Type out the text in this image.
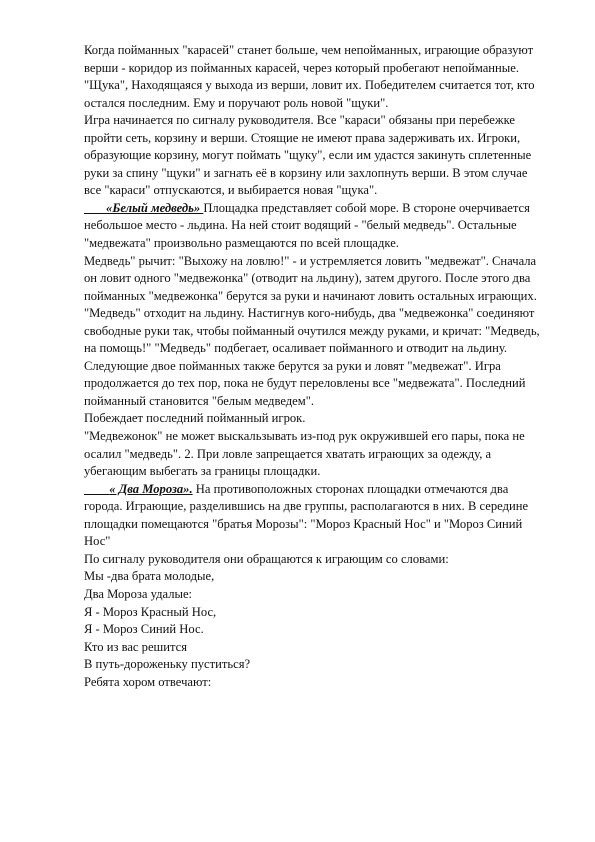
Когда пойманных "карасей" станет больше, чем непойманных, играющие образуют верши - коридор из пойманных карасей, через который пробегают непойманные. "Щука", Находящаяся у выхода из верши, ловит их. Победителем считается тот, кто остался последним. Ему и поручают роль новой "щуки".

Игра начинается по сигналу руководителя. Все "караси" обязаны при перебежке пройти сеть, корзину и верши. Стоящие не имеют права задерживать их. Игроки, образующие корзину, могут поймать "щуку", если им удастся закинуть сплетенные руки за спину "щуки" и загнать её в корзину или захлопнуть верши. В этом случае все "караси" отпускаются, и выбирается новая "щука".

«Белый медведь» Площадка представляет собой море. В стороне очерчивается небольшое место - льдина. На ней стоит водящий - "белый медведь". Остальные "медвежата" произвольно размещаются по всей площадке.

Медведь" рычит: "Выхожу на ловлю!" - и устремляется ловить "медвежат". Сначала он ловит одного "медвежонка" (отводит на льдину), затем другого. После этого два пойманных "медвежонка" берутся за руки и начинают ловить остальных играющих. "Медведь" отходит на льдину. Настигнув кого-нибудь, два "медвежонка" соединяют свободные руки так, чтобы пойманный очутился между руками, и кричат: "Медведь, на помощь!" "Медведь" подбегает, осаливает пойманного и отводит на льдину. Следующие двое пойманных также берутся за руки и ловят "медвежат". Игра продолжается до тех пор, пока не будут переловлены все "медвежата". Последний пойманный становится "белым медведем".

Побеждает последний пойманный игрок.

"Медвежонок" не может выскальзывать из-под рук окружившей его пары, пока не осалил "медведь". 2. При ловле запрещается хватать играющих за одежду, а убегающим выбегать за границы площадки.

« Два Мороза». На противоположных сторонах площадки отмечаются два города. Играющие, разделившись на две группы, располагаются в них. В середине площадки помещаются "братья Морозы": "Мороз Красный Нос" и "Мороз Синий Нос"

По сигналу руководителя они обращаются к играющим со словами:

Мы -два брата молодые,

Два Мороза удалые:

Я - Мороз Красный Нос,

Я - Мороз Синий Нос.

Кто из вас решится

В путь-дороженьку пуститься?

Ребята хором отвечают:
